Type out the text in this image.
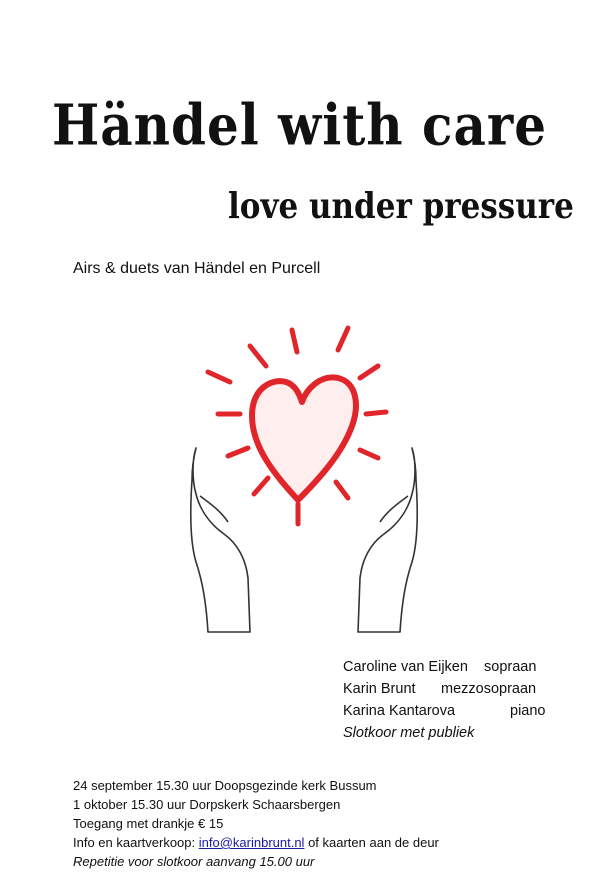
Händel with care
love under pressure
Airs & duets van Händel en Purcell
Caroline van Eijken sopraan
Karin Brunt mezzosopraan
Karina Kantarova	piano
Slotkoor met publiek
24 september 15.30 uur Doopsgezinde kerk Bussum
1 oktober 15.30 uur Dorpskerk Schaarsbergen
Toegang met drankje € 15
Info en kaartverkoop: info@karinbrunt.nl of kaarten aan de deur
Repetitie voor slotkoor aanvang 15.00 uur
